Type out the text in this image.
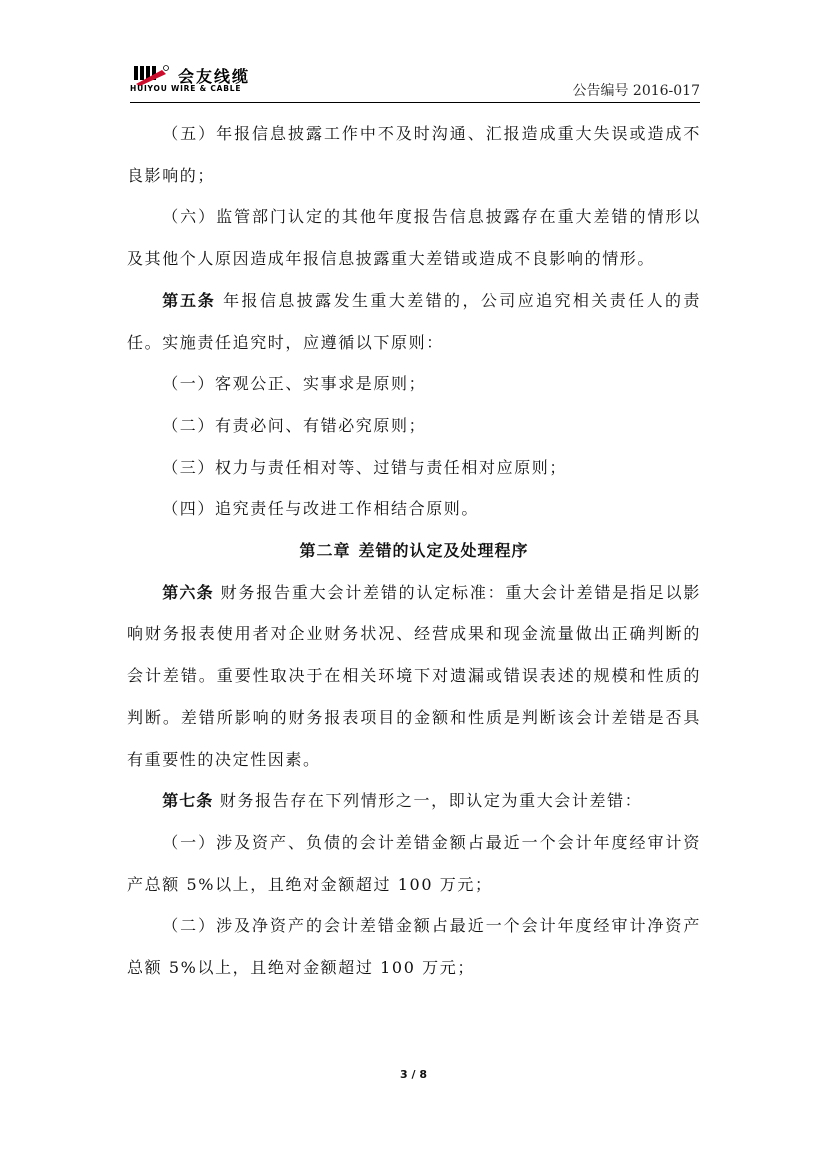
会友线缆
HUIYOU WIRE & CABLE	公告编号 2016-017

（五）年报信息披露工作中不及时沟通、汇报造成重大失误或造成不良影响的；

（六）监管部门认定的其他年度报告信息披露存在重大差错的情形以及其他个人原因造成年报信息披露重大差错或造成不良影响的情形。

第五条 年报信息披露发生重大差错的，公司应追究相关责任人的责任。实施责任追究时，应遵循以下原则：

（一）客观公正、实事求是原则；

（二）有责必问、有错必究原则；

（三）权力与责任相对等、过错与责任相对应原则；

（四）追究责任与改进工作相结合原则。

第二章 差错的认定及处理程序

第六条 财务报告重大会计差错的认定标准：重大会计差错是指足以影响财务报表使用者对企业财务状况、经营成果和现金流量做出正确判断的会计差错。重要性取决于在相关环境下对遗漏或错误表述的规模和性质的判断。差错所影响的财务报表项目的金额和性质是判断该会计差错是否具有重要性的决定性因素。

第七条 财务报告存在下列情形之一，即认定为重大会计差错：

（一）涉及资产、负债的会计差错金额占最近一个会计年度经审计资产总额 5%以上，且绝对金额超过 100 万元；

（二）涉及净资产的会计差错金额占最近一个会计年度经审计净资产总额 5%以上，且绝对金额超过 100 万元；

3 / 8
